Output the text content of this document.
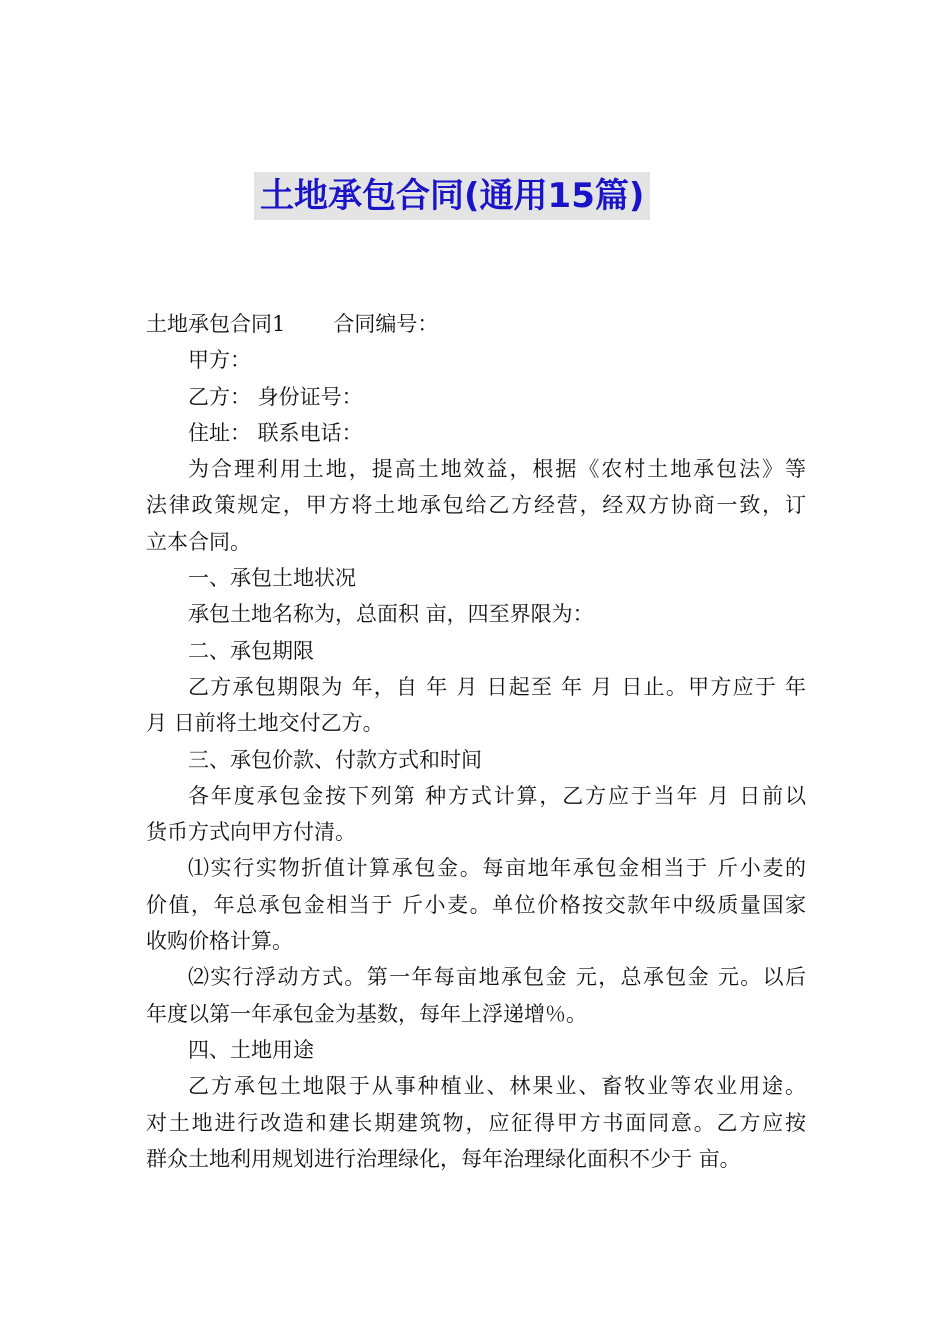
土地承包合同(通用15篇)
土地承包合同1 合同编号：
甲方：
乙方： 身份证号：
住址： 联系电话：
为合理利用土地，提高土地效益，根据《农村土地承包法》等
法律政策规定，甲方将土地承包给乙方经营，经双方协商一致，订
立本合同。
一、承包土地状况
承包土地名称为，总面积 亩，四至界限为：
二、承包期限
乙方承包期限为 年，自 年 月 日起至 年 月 日止。甲方应于 年
月 日前将土地交付乙方。
三、承包价款、付款方式和时间
各年度承包金按下列第 种方式计算，乙方应于当年 月 日前以
货币方式向甲方付清。
⑴实行实物折值计算承包金。每亩地年承包金相当于 斤小麦的
价值，年总承包金相当于 斤小麦。单位价格按交款年中级质量国家
收购价格计算。
⑵实行浮动方式。第一年每亩地承包金 元，总承包金 元。以后
年度以第一年承包金为基数，每年上浮递增％。
四、土地用途
乙方承包土地限于从事种植业、林果业、畜牧业等农业用途。
对土地进行改造和建长期建筑物，应征得甲方书面同意。乙方应按
群众土地利用规划进行治理绿化，每年治理绿化面积不少于 亩。
